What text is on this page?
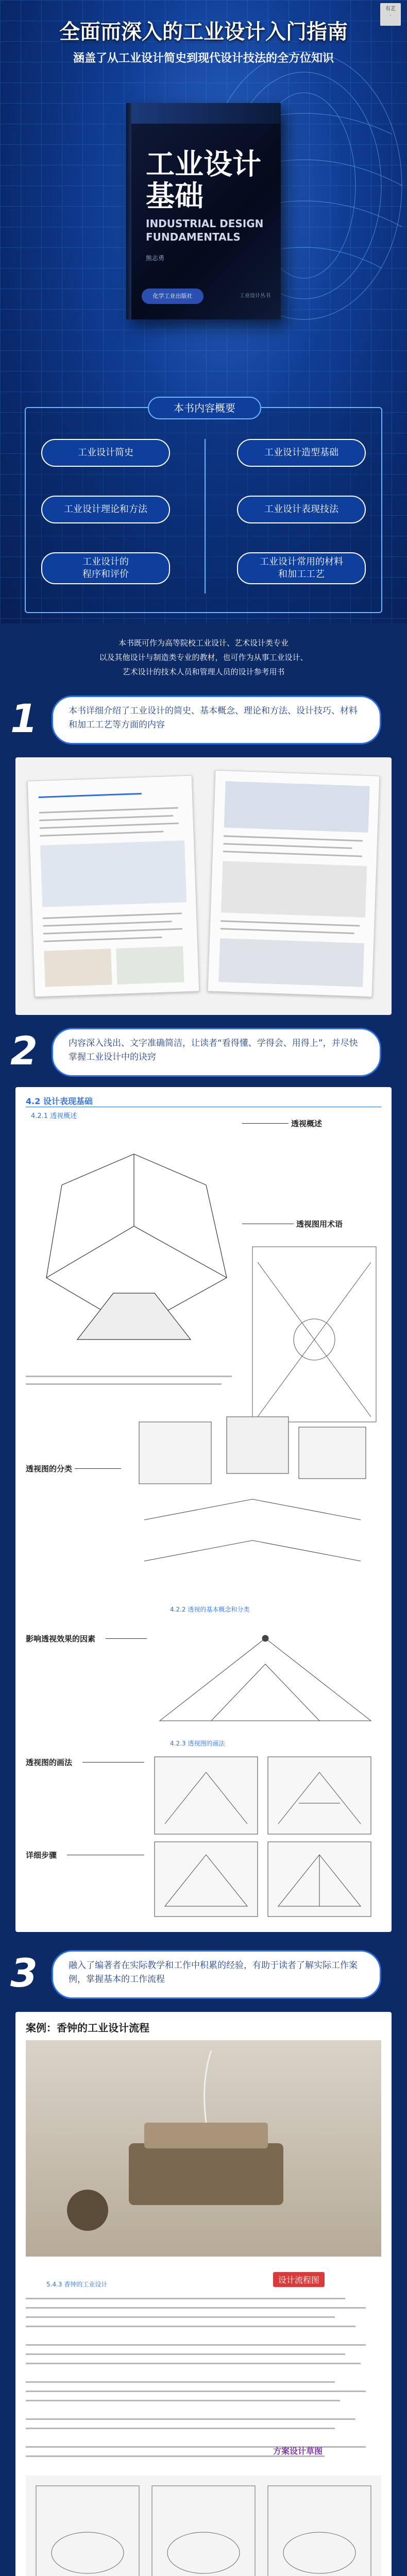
有艺
·
全面而深入的工业设计入门指南
涵盖了从工业设计简史到现代设计技法的全方位知识
工业设计
基础
INDUSTRIAL DESIGN
FUNDAMENTALS
熊志勇
化学工业出版社	工业设计丛书
本书内容概要
工业设计简史	工业设计造型基础
工业设计理论和方法	工业设计表现技法
工业设计的
程序和评价
工业设计常用的材料
和加工工艺
本书既可作为高等院校工业设计、艺术设计类专业
以及其他设计与制造类专业的教材，也可作为从事工业设计、
艺术设计的技术人员和管理人员的设计参考用书
1	本书详细介绍了工业设计的简史、基本概念、理论和方法、设计技巧、材料和加工工艺等方面的内容
2	内容深入浅出、文字准确简洁，让读者“看得懂、学得会、用得上”，并尽快掌握工业设计中的诀窍
4.2 设计表现基础
4.2.1 透视概述
透视概述
透视图用术语
透视图的分类
4.2.2 透视的基本概念和分类
影响透视效果的因素
4.2.3 透视图的画法
透视图的画法
详细步骤
3	融入了编著者在实际教学和工作中积累的经验，有助于读者了解实际工作案例，掌握基本的工作流程
案例：香钟的工业设计流程
5.4.3 香钟的工业设计	设计流程图
方案设计草图
